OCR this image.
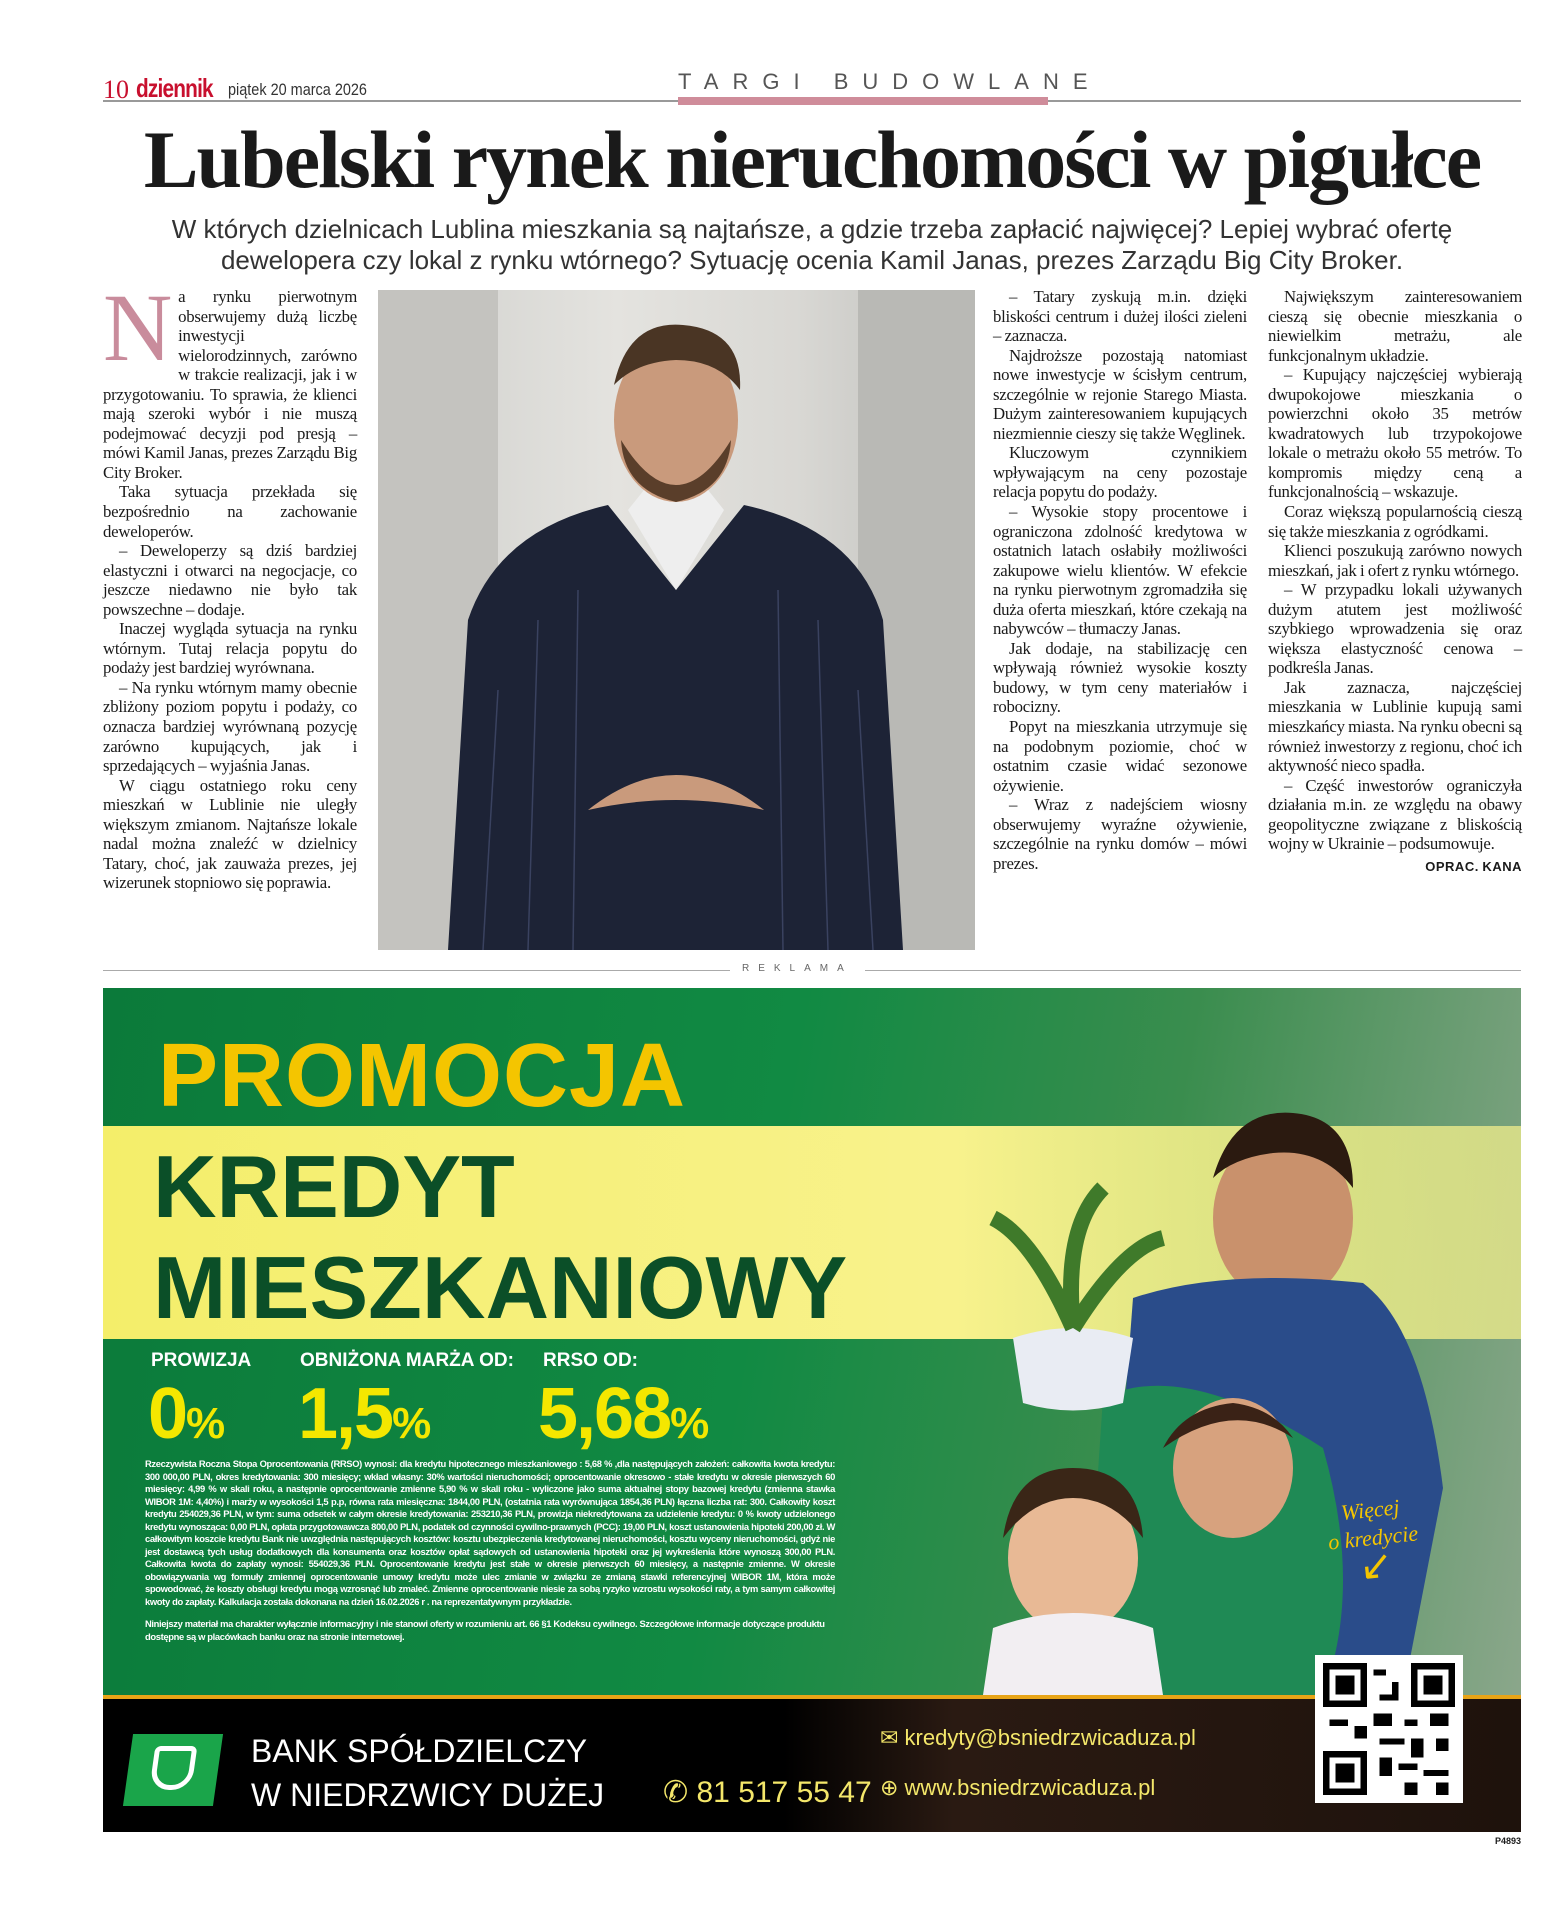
10 dziennik piątek 20 marca 2026	TARGI BUDOWLANE
Lubelski rynek nieruchomości w pigułce
W których dzielnicach Lublina mieszkania są najtańsze, a gdzie trzeba zapłacić najwięcej? Lepiej wybrać ofertę dewelopera czy lokal z rynku wtórnego? Sytuację ocenia Kamil Janas, prezes Zarządu Big City Broker.
N a rynku pierwotnym obserwujemy dużą liczbę inwestycji wielorodzinnych, zarówno w trakcie realizacji, jak i w przygotowaniu. To sprawia, że klienci mają szeroki wybór i nie muszą podejmować decyzji pod presją – mówi Kamil Janas, prezes Zarządu Big City Broker.

Taka sytuacja przekłada się bezpośrednio na zachowanie deweloperów.

– Deweloperzy są dziś bardziej elastyczni i otwarci na negocjacje, co jeszcze niedawno nie było tak powszechne – dodaje.

Inaczej wygląda sytuacja na rynku wtórnym. Tutaj relacja popytu do podaży jest bardziej wyrównana.

– Na rynku wtórnym mamy obecnie zbliżony poziom popytu i podaży, co oznacza bardziej wyrównaną pozycję zarówno kupujących, jak i sprzedających – wyjaśnia Janas.

W ciągu ostatniego roku ceny mieszkań w Lublinie nie uległy większym zmianom. Najtańsze lokale nadal można znaleźć w dzielnicy Tatary, choć, jak zauważa prezes, jej wizerunek stopniowo się poprawia.

– Tatary zyskują m.in. dzięki bliskości centrum i dużej ilości zieleni – zaznacza.

Najdroższe pozostają natomiast nowe inwestycje w ścisłym centrum, szczególnie w rejonie Starego Miasta. Dużym zainteresowaniem kupujących niezmiennie cieszy się także Węglinek.

Kluczowym czynnikiem wpływającym na ceny pozostaje relacja popytu do podaży.

– Wysokie stopy procentowe i ograniczona zdolność kredytowa w ostatnich latach osłabiły możliwości zakupowe wielu klientów. W efekcie na rynku pierwotnym zgromadziła się duża oferta mieszkań, które czekają na nabywców – tłumaczy Janas.

Jak dodaje, na stabilizację cen wpływają również wysokie koszty budowy, w tym ceny materiałów i robocizny.

Popyt na mieszkania utrzymuje się na podobnym poziomie, choć w ostatnim czasie widać sezonowe ożywienie.

– Wraz z nadejściem wiosny obserwujemy wyraźne ożywienie, szczególnie na rynku domów – mówi prezes.

Największym zainteresowaniem cieszą się obecnie mieszkania o niewielkim metrażu, ale funkcjonalnym układzie.

– Kupujący najczęściej wybierają dwupokojowe mieszkania o powierzchni około 35 metrów kwadratowych lub trzypokojowe lokale o metrażu około 55 metrów. To kompromis między ceną a funkcjonalnością – wskazuje.

Coraz większą popularnością cieszą się także mieszkania z ogródkami.

Klienci poszukują zarówno nowych mieszkań, jak i ofert z rynku wtórnego.

– W przypadku lokali używanych dużym atutem jest możliwość szybkiego wprowadzenia się oraz większa elastyczność cenowa – podkreśla Janas.

Jak zaznacza, najczęściej mieszkania w Lublinie kupują sami mieszkańcy miasta. Na rynku obecni są również inwestorzy z regionu, choć ich aktywność nieco spadła.

– Część inwestorów ograniczyła działania m.in. ze względu na obawy geopolityczne związane z bliskością wojny w Ukrainie – podsumowuje.

OPRAC. KANA
REKLAMA
PROMOCJA
KREDYT
MIESZKANIOWY
PROWIZJA	OBNIŻONA MARŻA OD: RRSO OD:
0% 1,5% 5,68%
Rzeczywista Roczna Stopa Oprocentowania (RRSO) wynosi: dla kredytu hipotecznego mieszkaniowego : 5,68 % ,dla następujących założeń: całkowita kwota kredytu: 300 000,00 PLN, okres kredytowania: 300 miesięcy; wkład własny: 30% wartości nieruchomości; oprocentowanie okresowo - stałe kredytu w okresie pierwszych 60 miesięcy: 4,99 % w skali roku, a następnie oprocentowanie zmienne 5,90 % w skali roku - wyliczone jako suma aktualnej stopy bazowej kredytu (zmienna stawka WIBOR 1M: 4,40%) i marży w wysokości 1,5 p.p, równa rata miesięczna: 1844,00 PLN, (ostatnia rata wyrównująca 1854,36 PLN) łączna liczba rat: 300. Całkowity koszt kredytu 254029,36 PLN, w tym: suma odsetek w całym okresie kredytowania: 253210,36 PLN, prowizja niekredytowana za udzielenie kredytu: 0 % kwoty udzielonego kredytu wynosząca: 0,00 PLN, opłata przygotowawcza 800,00 PLN, podatek od czynności cywilno-prawnych (PCC): 19,00 PLN, koszt ustanowienia hipoteki 200,00 zł. W całkowitym koszcie kredytu Bank nie uwzględnia następujących kosztów: kosztu ubezpieczenia kredytowanej nieruchomości, kosztu wyceny nieruchomości, gdyż nie jest dostawcą tych usług dodatkowych dla konsumenta oraz kosztów opłat sądowych od ustanowienia hipoteki oraz jej wykreślenia które wynoszą 300,00 PLN. Całkowita kwota do zapłaty wynosi: 554029,36 PLN. Oprocentowanie kredytu jest stałe w okresie pierwszych 60 miesięcy, a następnie zmienne. W okresie obowiązywania wg formuły zmiennej oprocentowanie umowy kredytu może ulec zmianie w związku ze zmianą stawki referencyjnej WIBOR 1M, która może spowodować, że koszty obsługi kredytu mogą wzrosnąć lub zmaleć. Zmienne oprocentowanie niesie za sobą ryzyko wzrostu wysokości raty, a tym samym całkowitej kwoty do zapłaty. Kalkulacja została dokonana na dzień 16.02.2026 r . na reprezentatywnym przykładzie.
Niniejszy materiał ma charakter wyłącznie informacyjny i nie stanowi oferty w rozumieniu art. 66 §1 Kodeksu cywilnego. Szczegółowe informacje dotyczące produktu dostępne są w placówkach banku oraz na stronie internetowej.
Więcej
o kredycie
↙
BANK SPÓŁDZIELCZY
W NIEDRZWICY DUŻEJ ✆ 81 517 55 47
✉ kredyty@bsniedrzwicaduza.pl
⊕ www.bsniedrzwicaduza.pl
P4893
